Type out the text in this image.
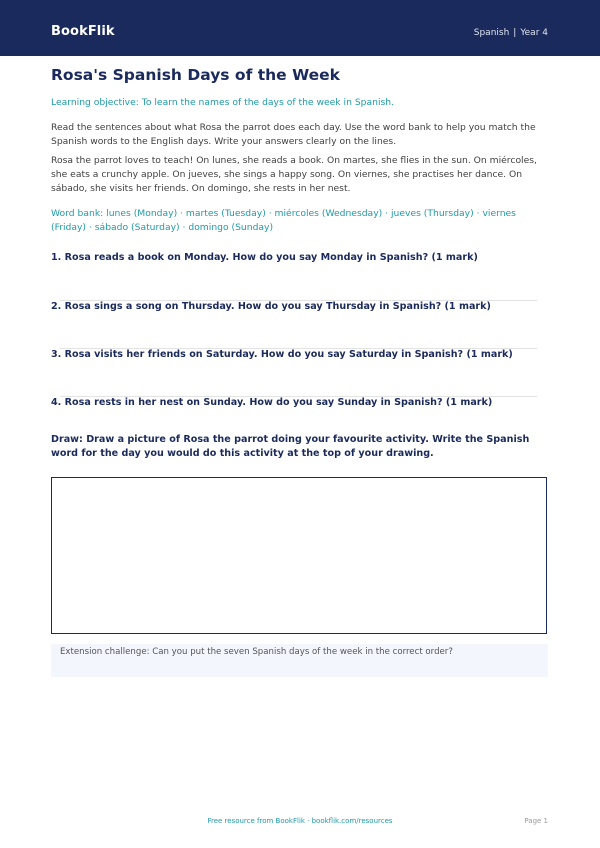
BookFlik	Spanish | Year 4
Rosa's Spanish Days of the Week
Learning objective: To learn the names of the days of the week in Spanish.
Read the sentences about what Rosa the parrot does each day. Use the word bank to help you match the Spanish words to the English days. Write your answers clearly on the lines.
Rosa the parrot loves to teach! On lunes, she reads a book. On martes, she flies in the sun. On miércoles, she eats a crunchy apple. On jueves, she sings a happy song. On viernes, she practises her dance. On sábado, she visits her friends. On domingo, she rests in her nest.
Word bank: lunes (Monday) · martes (Tuesday) · miércoles (Wednesday) · jueves (Thursday) · viernes (Friday) · sábado (Saturday) · domingo (Sunday)
1. Rosa reads a book on Monday. How do you say Monday in Spanish? (1 mark)
2. Rosa sings a song on Thursday. How do you say Thursday in Spanish? (1 mark)
3. Rosa visits her friends on Saturday. How do you say Saturday in Spanish? (1 mark)
4. Rosa rests in her nest on Sunday. How do you say Sunday in Spanish? (1 mark)
Draw: Draw a picture of Rosa the parrot doing your favourite activity. Write the Spanish word for the day you would do this activity at the top of your drawing.
Extension challenge: Can you put the seven Spanish days of the week in the correct order?
Free resource from BookFlik · bookflik.com/resources	Page 1
